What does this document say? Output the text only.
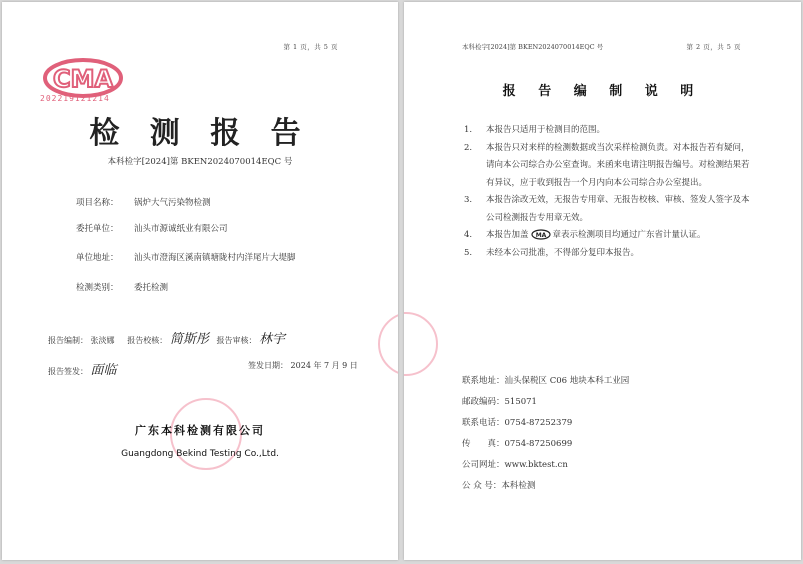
第 1 页，共 5 页
CMA
202219121214
检 测 报 告
本科检字[2024]第 BKEN2024070014EQC 号
项目名称： 锅炉大气污染物检测
委托单位： 汕头市源诚纸业有限公司
单位地址： 汕头市澄海区溪南镇塘陇村内洋尾片大堤脚
检测类别： 委托检测
报告编制： 张淡娜 报告校核： 简斯彤 报告审核： 林宇
报告签发： 面临	签发日期： 2024 年 7 月 9 日
广东本科检测有限公司
Guangdong Bekind Testing Co.,Ltd.
本科检字[2024]第 BKEN2024070014EQC 号	第 2 页，共 5 页
报 告 编 制 说 明
1.	本报告只适用于检测目的范围。
2.	本报告只对来样的检测数据或当次采样检测负责。对本报告若有疑问，请向本公司综合办公室查询。来函来电请注明报告编号。对检测结果若有异议，应于收到报告一个月内向本公司综合办公室提出。
3.	本报告涂改无效，无报告专用章、无报告校核、审核、签发人签字及本公司检测报告专用章无效。
4.	本报告加盖 MA 章表示检测项目均通过广东省计量认证。
5.	未经本公司批准，不得部分复印本报告。
联系地址：汕头保税区 C06 地块本科工业园
邮政编码：515071
联系电话：0754-87252379
传　　真：0754-87250699
公司网址：www.bktest.cn
公 众 号：本科检测
